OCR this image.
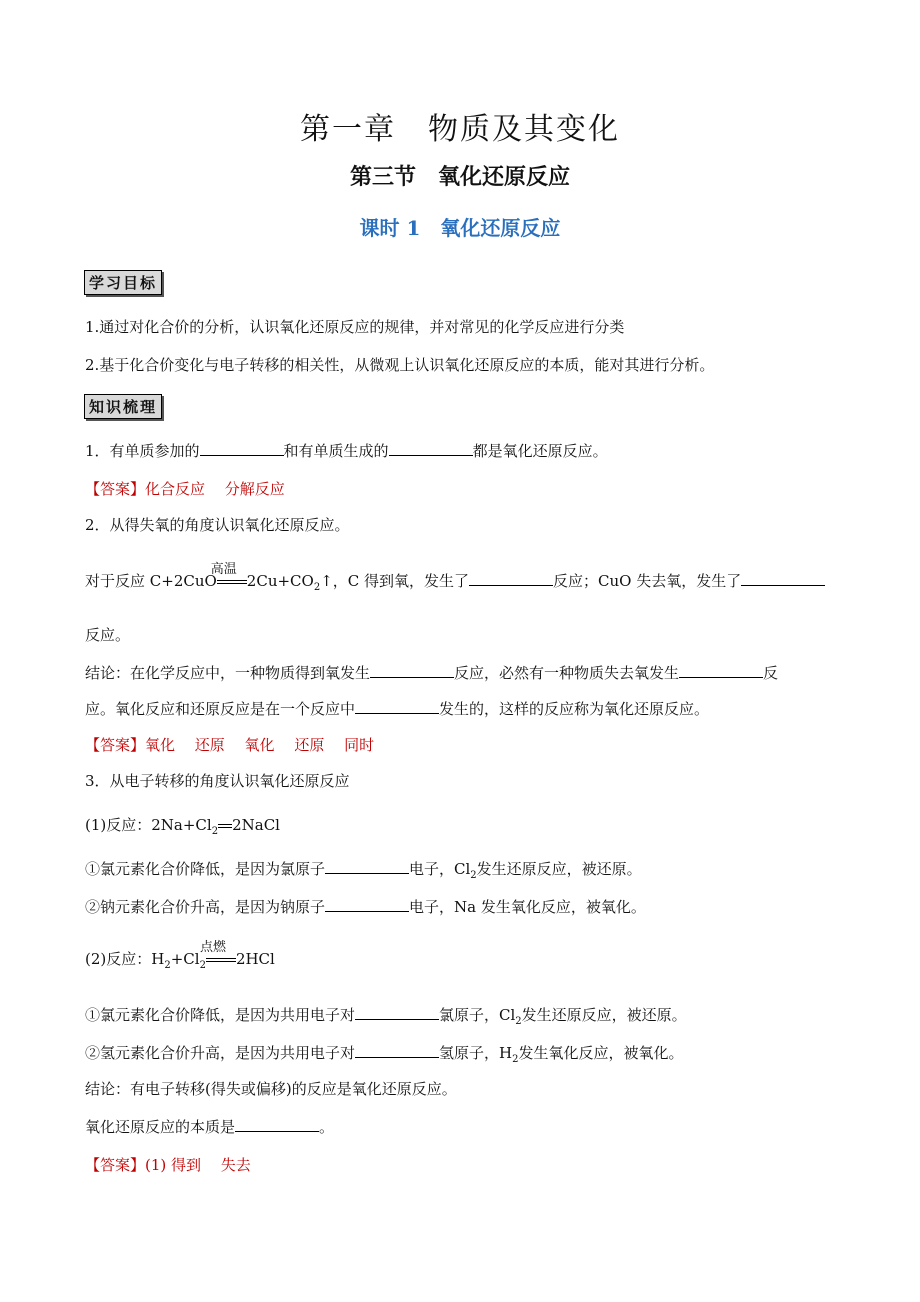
第一章　物质及其变化
第三节　氧化还原反应
课时 1　氧化还原反应
学习目标
1.通过对化合价的分析，认识氧化还原反应的规律，并对常见的化学反应进行分类
2.基于化合价变化与电子转移的相关性，从微观上认识氧化还原反应的本质，能对其进行分析。
知识梳理
1．有单质参加的	和有单质生成的	都是氧化还原反应。
【答案】化合反应　 分解反应
2．从得失氧的角度认识氧化还原反应。
对于反应 C+2CuO
高温
$2Cu+CO_2↑$，C 得到氧，发生了	反应；CuO 失去氧，发生了
反应。
结论：在化学反应中，一种物质得到氧发生	反应，必然有一种物质失去氧发生	反
应。氧化反应和还原反应是在一个反应中	发生的，这样的反应称为氧化还原反应。
【答案】氧化　 还原　 氧化　 还原　 同时
3．从电子转移的角度认识氧化还原反应
(1)反应：$2Na+Cl_2$ 2NaCl
①氯元素化合价降低，是因为氯原子	电子，$Cl_2$发生还原反应，被还原。
②钠元素化合价升高，是因为钠原子	电子，Na 发生氧化反应，被氧化。
(2)反应：$H_2+Cl_2$
点燃
2HCl
①氯元素化合价降低，是因为共用电子对	氯原子，$Cl_2$发生还原反应，被还原。
②氢元素化合价升高，是因为共用电子对	氢原子，$H_2$发生氧化反应，被氧化。
结论：有电子转移(得失或偏移)的反应是氧化还原反应。
氧化还原反应的本质是	。
【答案】(1) 得到　 失去
